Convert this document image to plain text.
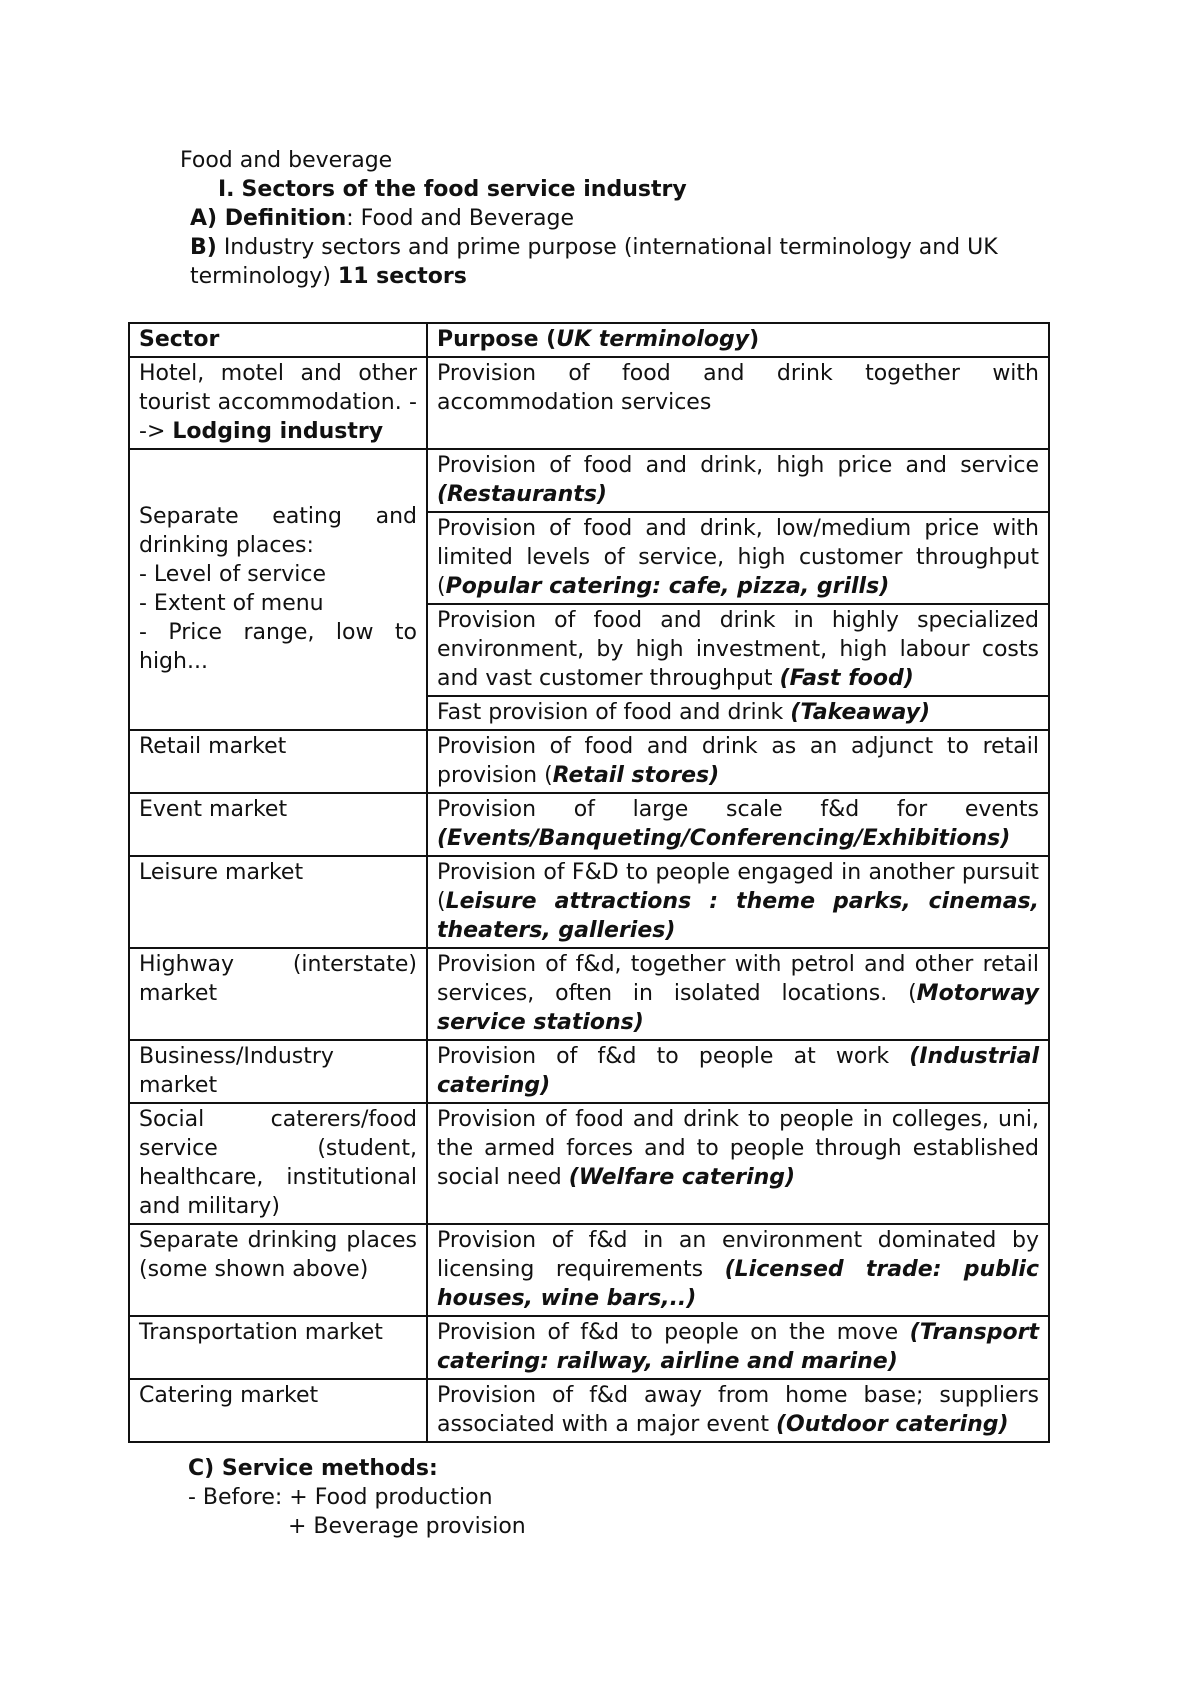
Food and beverage
I. Sectors of the food service industry
A) Definition: Food and Beverage
B) Industry sectors and prime purpose (international terminology and UK
terminology) 11 sectors
Sector	Purpose (UK terminology)
Hotel, motel and other tourist accommodation. --> Lodging industry	Provision of food and drink together with accommodation services
Separate eating and drinking places:
- Level of service
- Extent of menu
- Price range, low to high...	Provision of food and drink, high price and service (Restaurants)
	Provision of food and drink, low/medium price with limited levels of service, high customer throughput (Popular catering: cafe, pizza, grills)
	Provision of food and drink in highly specialized environment, by high investment, high labour costs and vast customer throughput (Fast food)
	Fast provision of food and drink (Takeaway)
Retail market	Provision of food and drink as an adjunct to retail provision (Retail stores)
Event market	Provision of large scale f&d for events (Events/Banqueting/Conferencing/Exhibitions)
Leisure market	Provision of F&D to people engaged in another pursuit (Leisure attractions : theme parks, cinemas, theaters, galleries)
Highway (interstate) market	Provision of f&d, together with petrol and other retail services, often in isolated locations. (Motorway service stations)
Business/Industry market	Provision of f&d to people at work (Industrial catering)
Social caterers/food service (student, healthcare, institutional and military)	Provision of food and drink to people in colleges, uni, the armed forces and to people through established social need (Welfare catering)
Separate drinking places (some shown above)	Provision of f&d in an environment dominated by licensing requirements (Licensed trade: public houses, wine bars,..)
Transportation market	Provision of f&d to people on the move (Transport catering: railway, airline and marine)
Catering market	Provision of f&d away from home base; suppliers associated with a major event (Outdoor catering)
C) Service methods:
- Before: + Food production
+ Beverage provision
